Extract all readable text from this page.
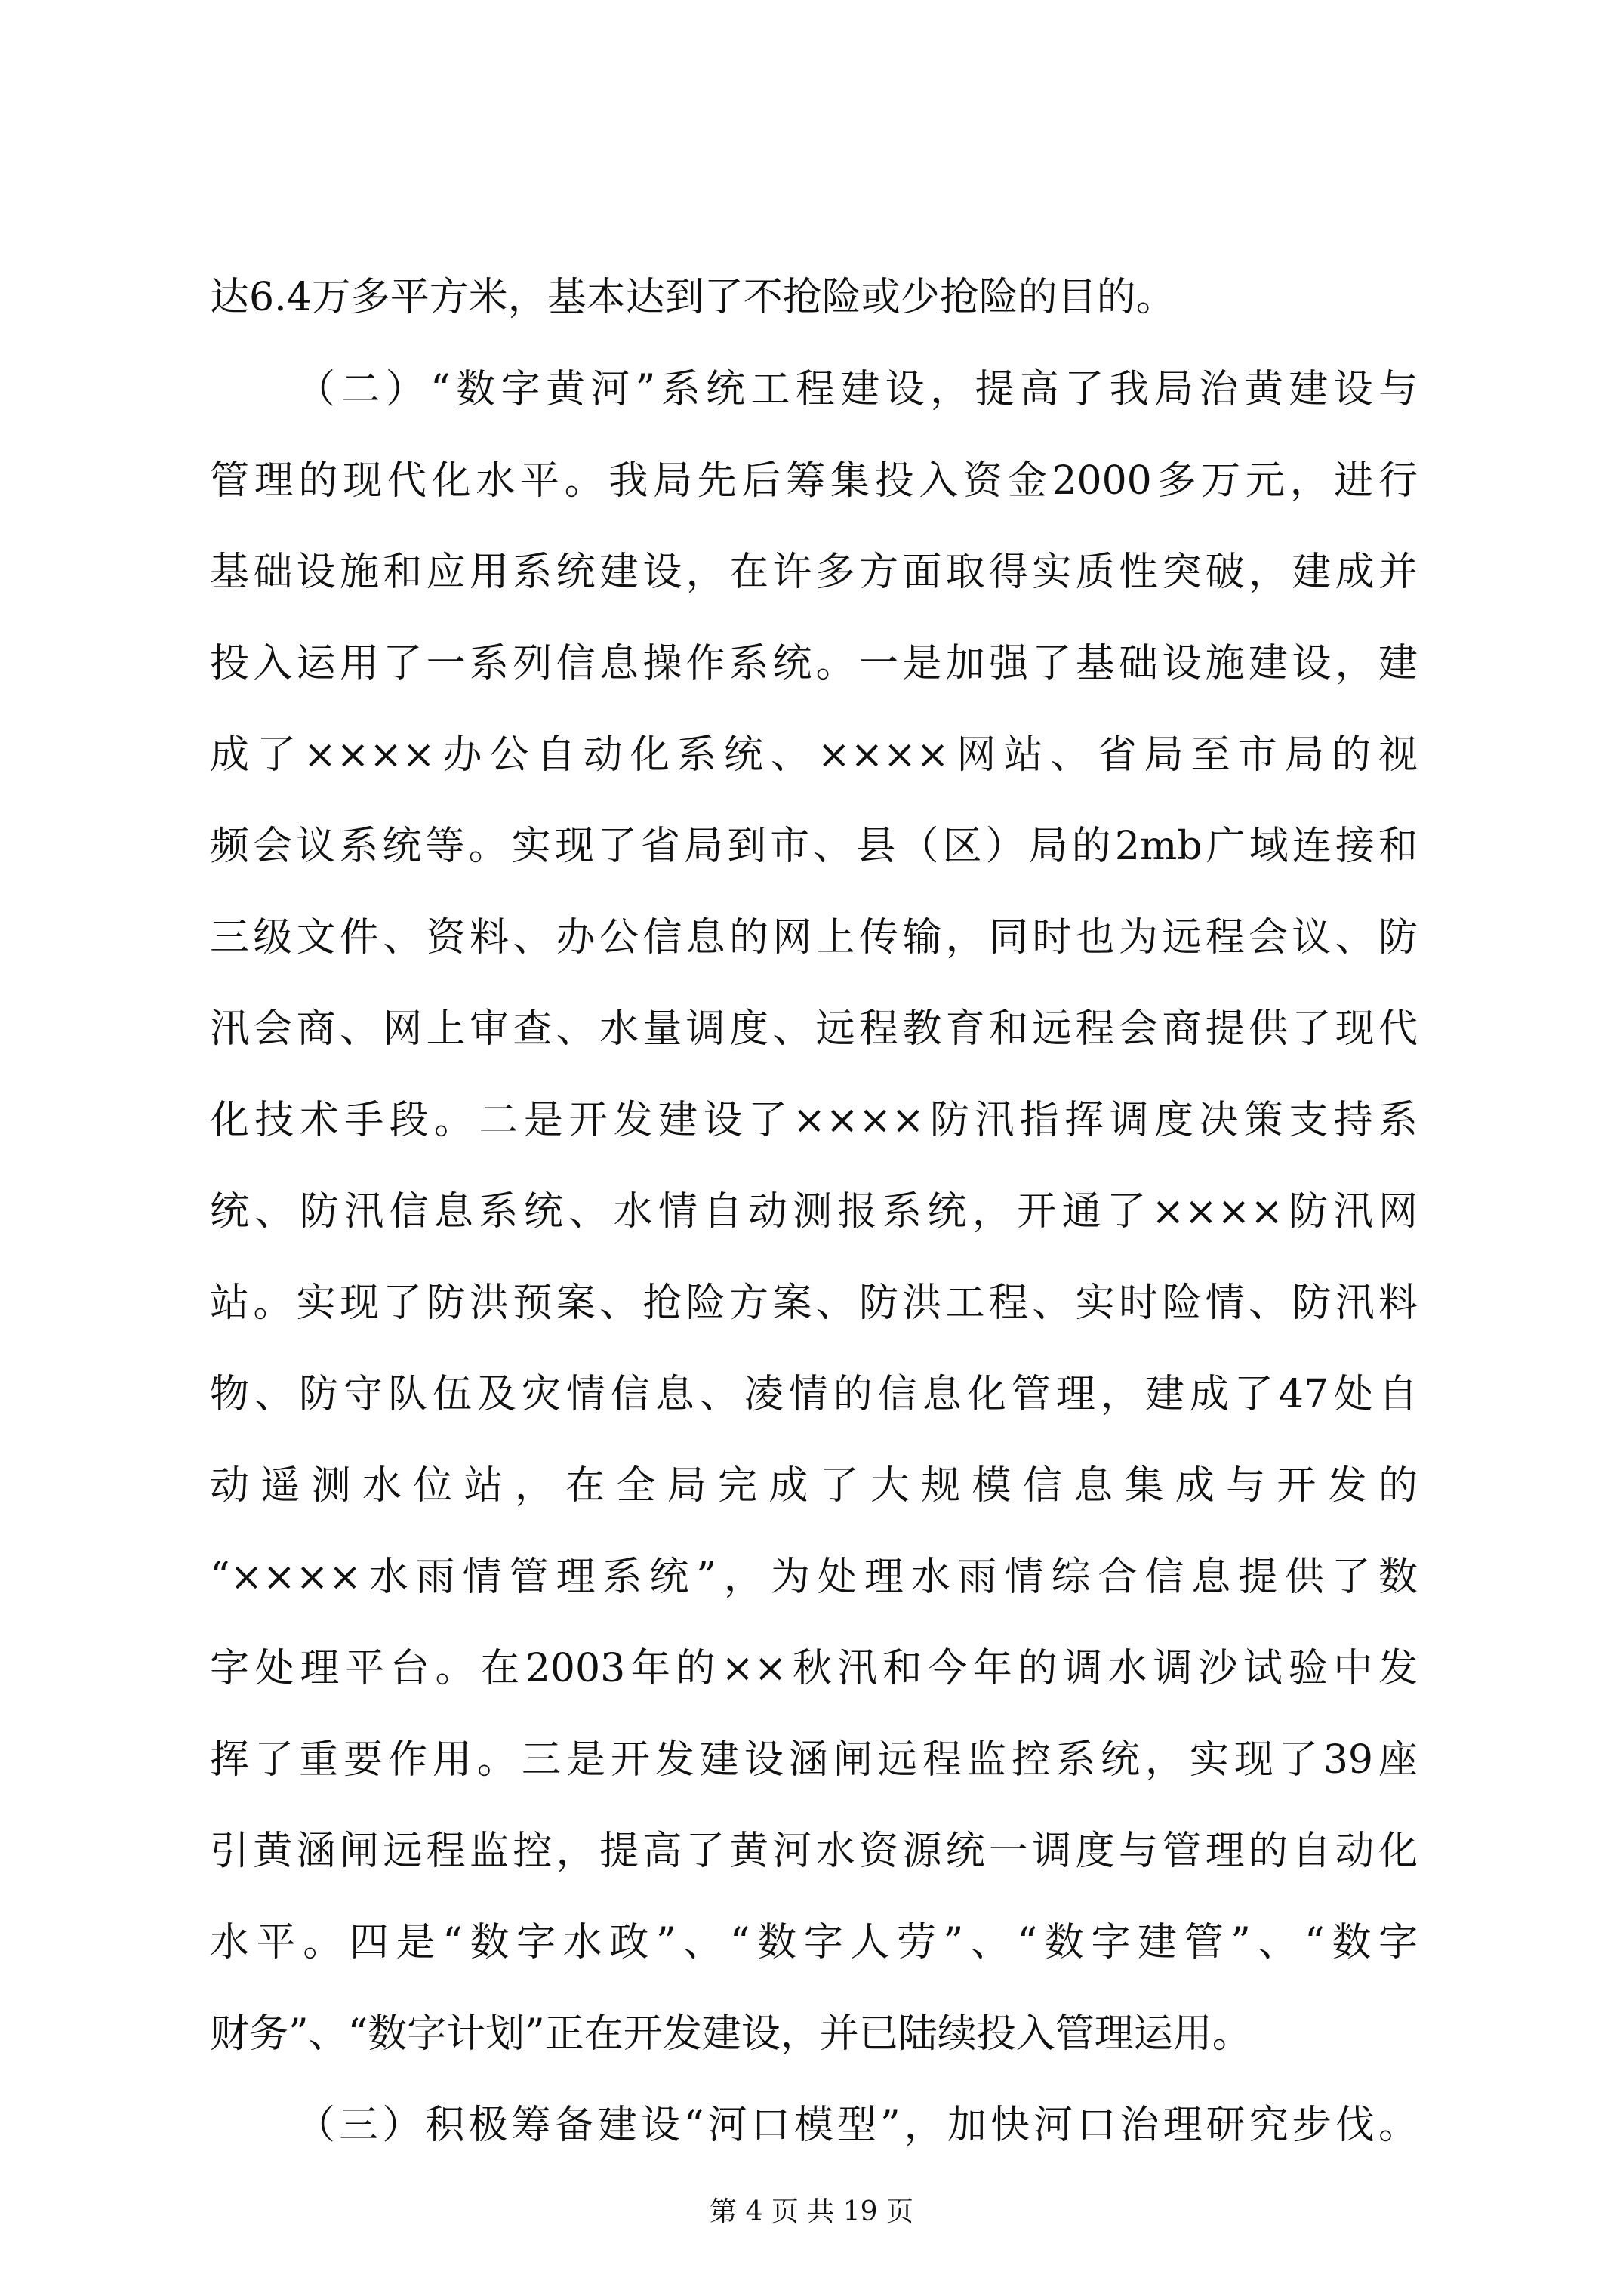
达6.4万多平方米，基本达到了不抢险或少抢险的目的。
（二）“数字黄河”系统工程建设，提高了我局治黄建设与
管理的现代化水平。我局先后筹集投入资金2000多万元，进行
基础设施和应用系统建设，在许多方面取得实质性突破，建成并
投入运用了一系列信息操作系统。一是加强了基础设施建设，建
成了××××办公自动化系统、××××网站、省局至市局的视
频会议系统等。实现了省局到市、县（区）局的2mb广域连接和
三级文件、资料、办公信息的网上传输，同时也为远程会议、防
汛会商、网上审查、水量调度、远程教育和远程会商提供了现代
化技术手段。二是开发建设了××××防汛指挥调度决策支持系
统、防汛信息系统、水情自动测报系统，开通了××××防汛网
站。实现了防洪预案、抢险方案、防洪工程、实时险情、防汛料
物、防守队伍及灾情信息、凌情的信息化管理，建成了47处自
动遥测水位站，在全局完成了大规模信息集成与开发的
“××××水雨情管理系统”，为处理水雨情综合信息提供了数
字处理平台。在2003年的××秋汛和今年的调水调沙试验中发
挥了重要作用。三是开发建设涵闸远程监控系统，实现了39座
引黄涵闸远程监控，提高了黄河水资源统一调度与管理的自动化
水平。四是“数字水政”、“数字人劳”、“数字建管”、“数字
财务”、“数字计划”正在开发建设，并已陆续投入管理运用。
（三）积极筹备建设“河口模型”，加快河口治理研究步伐。
第 4 页 共 19 页
